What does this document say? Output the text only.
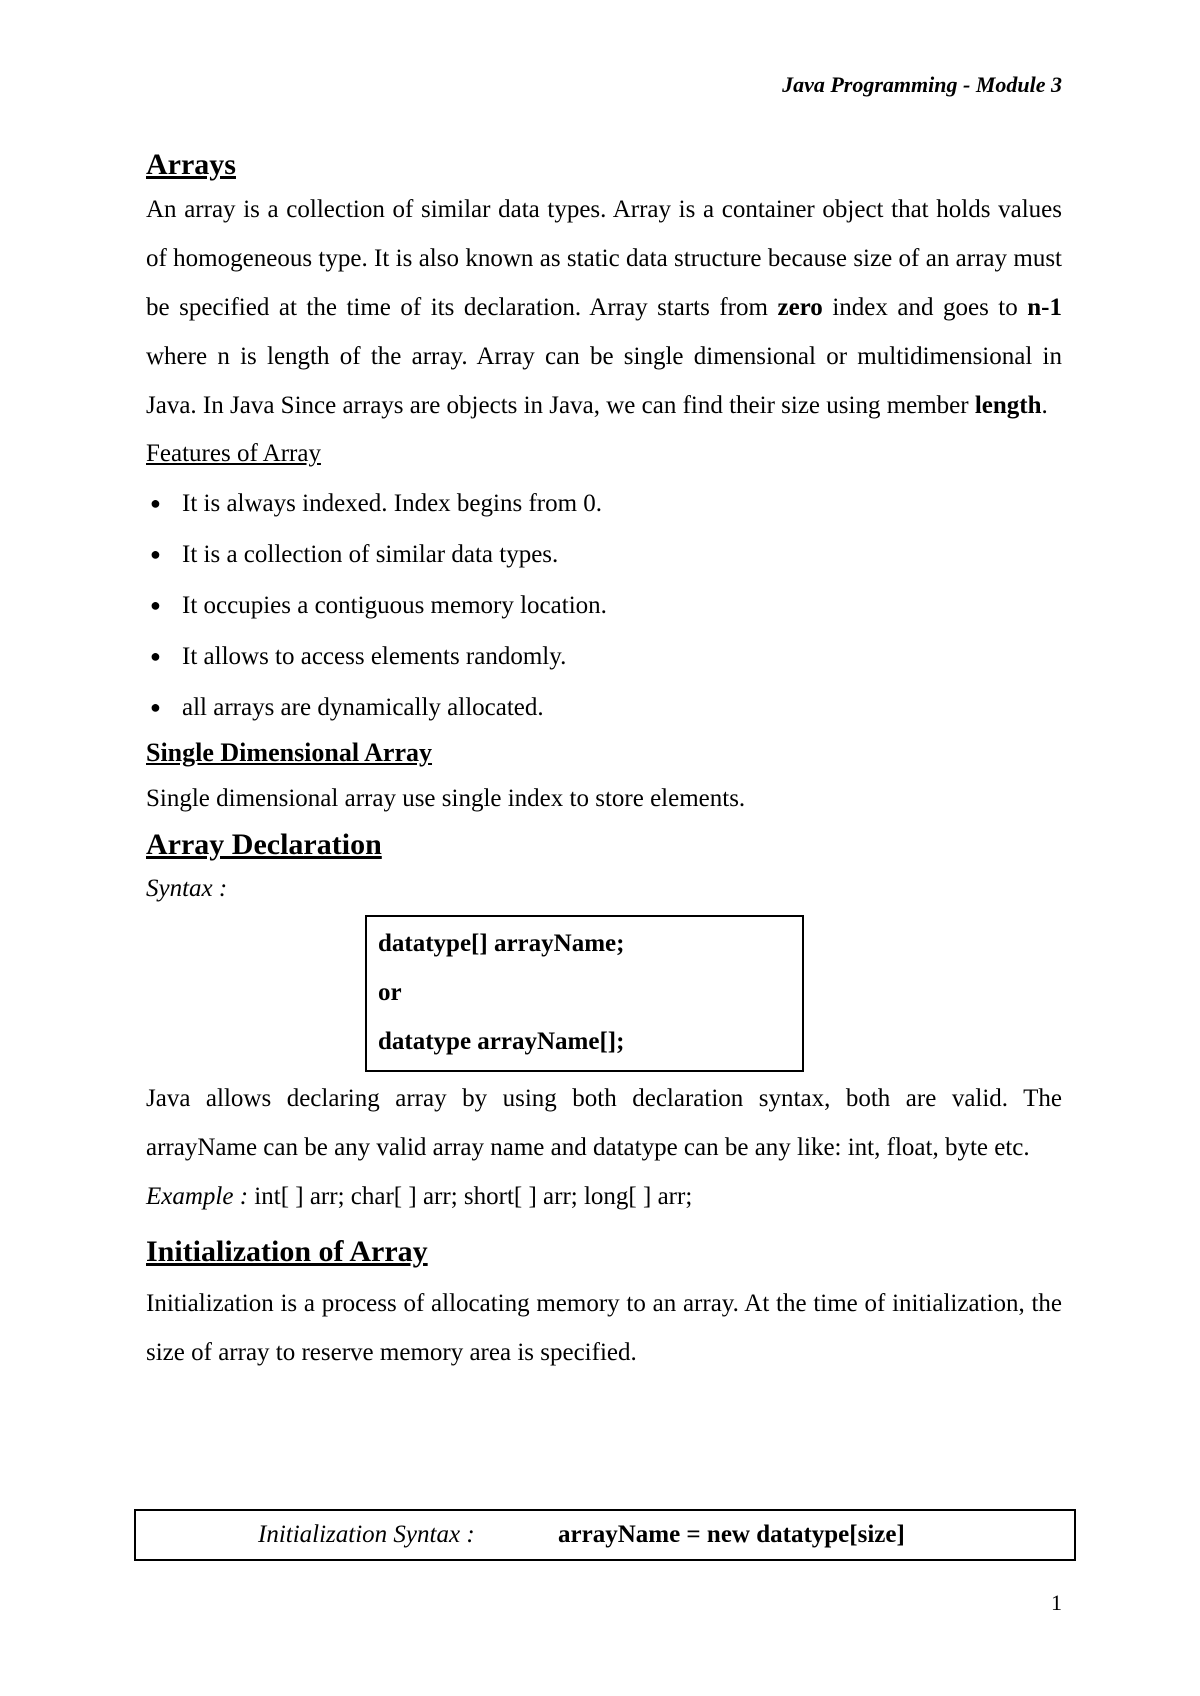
Java Programming - Module 3
Arrays

An array is a collection of similar data types. Array is a container object that holds values of homogeneous type. It is also known as static data structure because size of an array must be specified at the time of its declaration. Array starts from zero index and goes to n-1 where n is length of the array. Array can be single dimensional or multidimensional in Java. In Java Since arrays are objects in Java, we can find their size using member length.

Features of Array

● It is always indexed. Index begins from 0.
● It is a collection of similar data types.
● It occupies a contiguous memory location.
● It allows to access elements randomly.
● all arrays are dynamically allocated.
Single Dimensional Array

Single dimensional array use single index to store elements.

Array Declaration

Syntax :

datatype[] arrayName;
or
datatype arrayName[];

Java allows declaring array by using both declaration syntax, both are valid. The arrayName can be any valid array name and datatype can be any like: int, float, byte etc.

Example : int[ ] arr; char[ ] arr; short[ ] arr; long[ ] arr;

Initialization of Array

Initialization is a process of allocating memory to an array. At the time of initialization, the size of array to reserve memory area is specified.

Initialization Syntax :	arrayName = new datatype[size]
1
